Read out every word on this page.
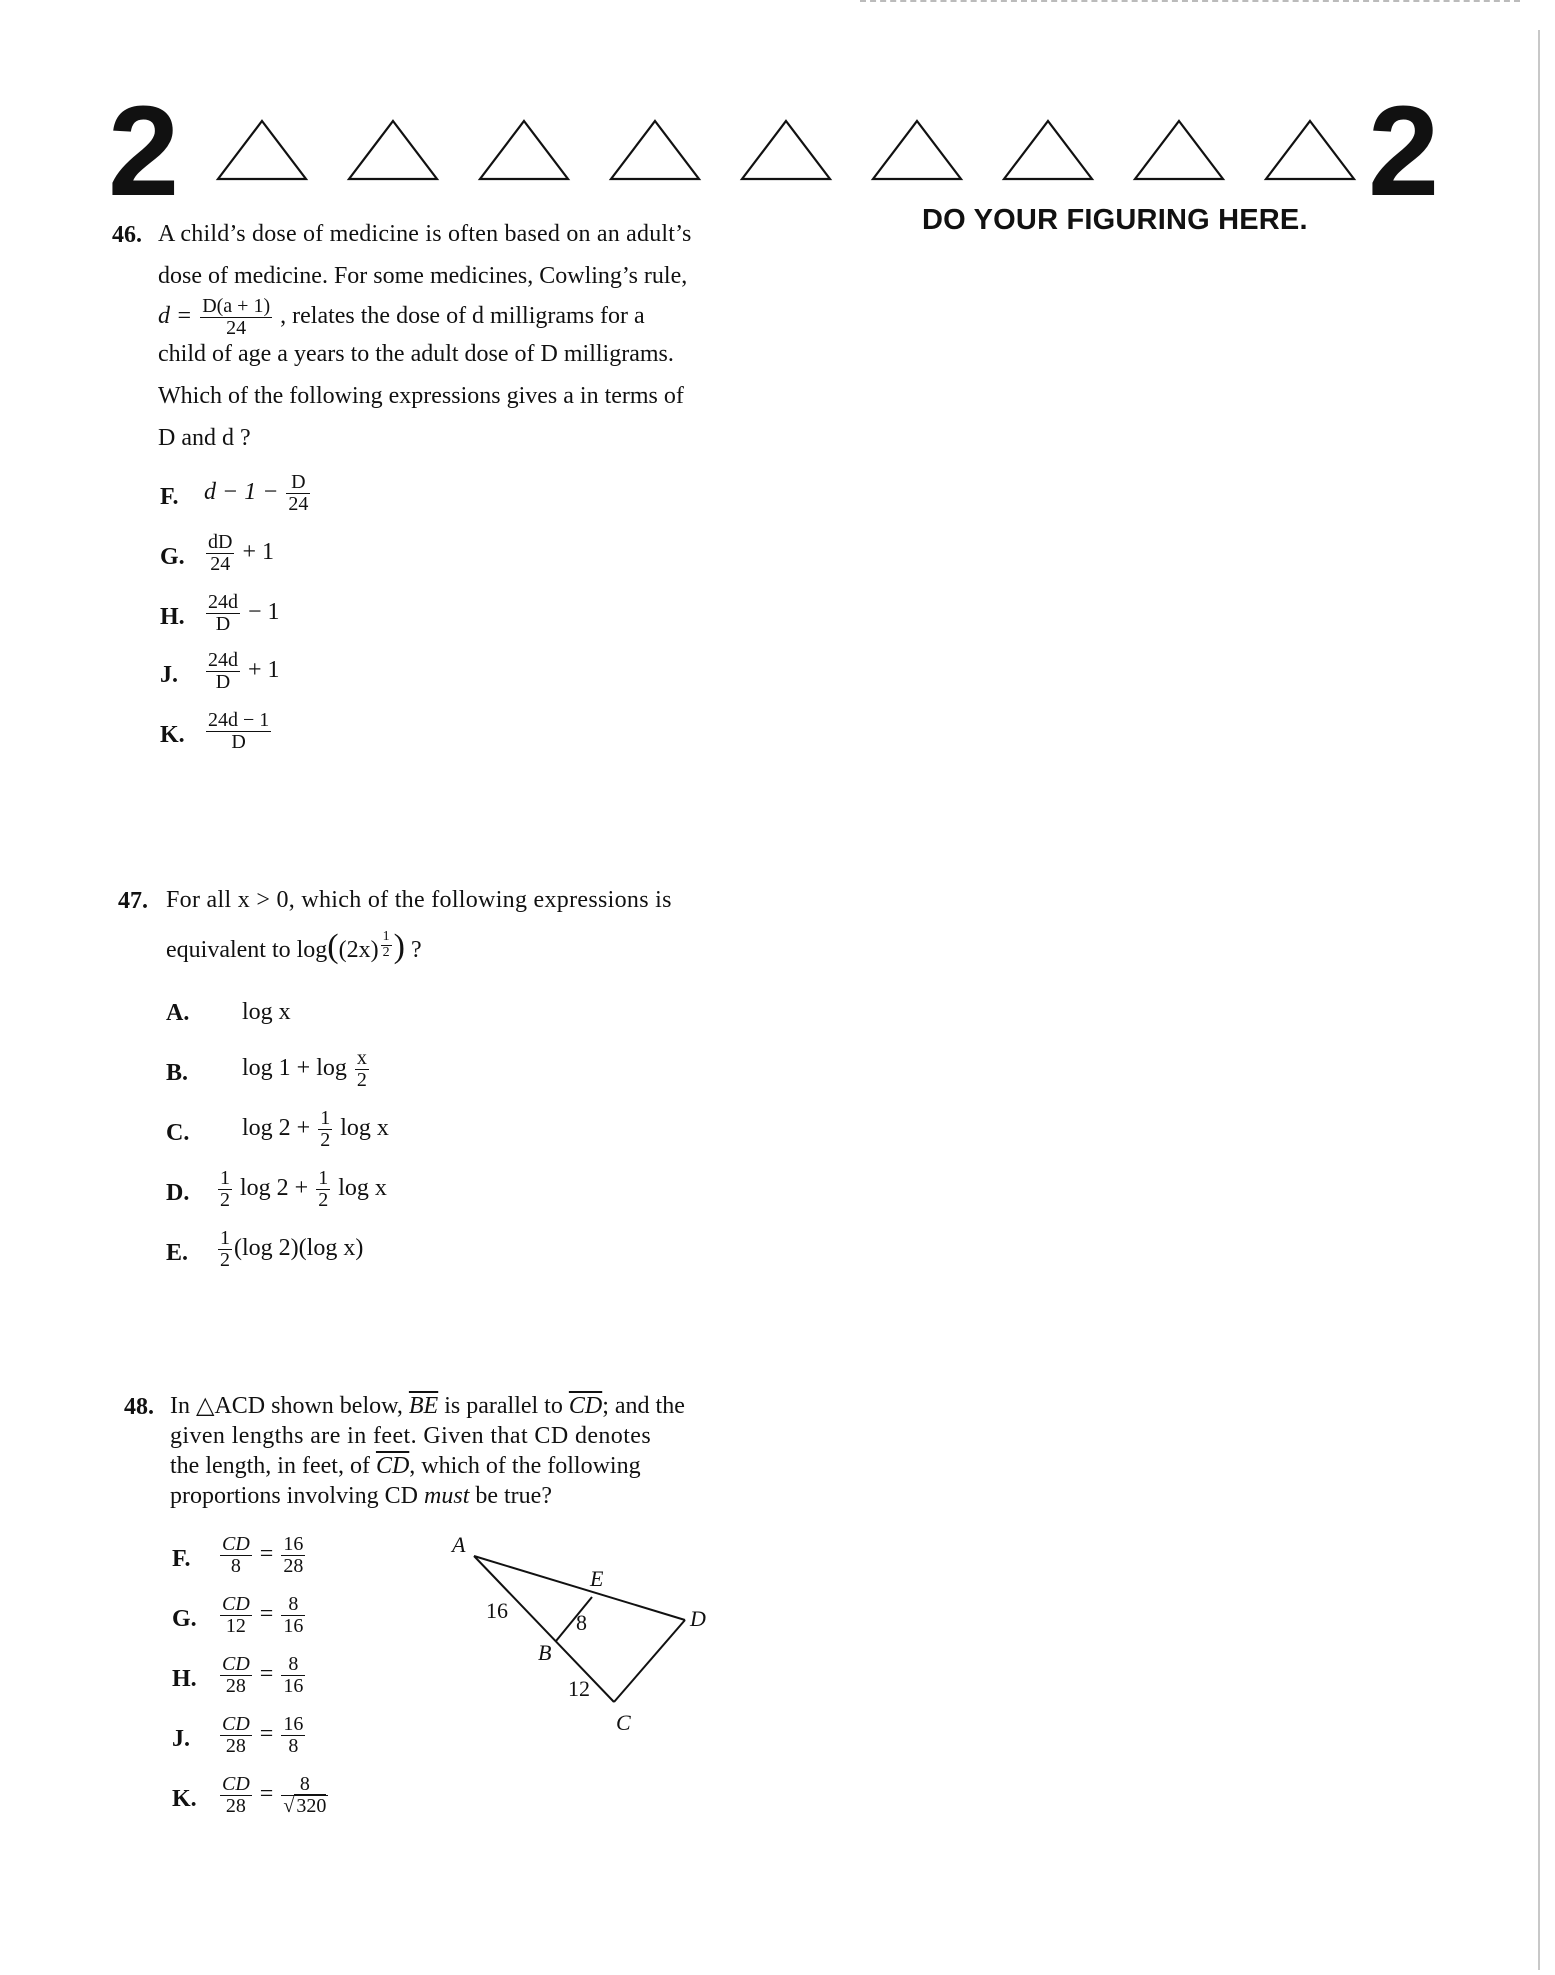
2	2
DO YOUR FIGURING HERE.
46. A child’s dose of medicine is often based on an adult’s
dose of medicine. For some medicines, Cowling’s rule,
$d = \frac{D(a + 1)}{24}$ , relates the dose of d milligrams for a
child of age a years to the adult dose of D milligrams.
Which of the following expressions gives a in terms of
D and d ?
F. $d - 1 - \frac{D}{24}$
G. $\frac{dD}{24} + 1$
H. $\frac{24d}{D} - 1$
J. $\frac{24d}{D} + 1$
K. $\frac{24d - 1}{D}$
47. For all x > 0, which of the following expressions is
equivalent to $\log((2x) \frac{1}{2}$ ) ?
A. log x
B. $\log 1 + \log \frac{x}{2}$
C. $\log 2 + \frac{1}{2}$ log x
D. $\frac{1}{2}$ $\log 2 + \frac{1}{2}$ log x
E. $\frac{1}{2} (\log$ 2)(log x)
48. In △ACD shown below, $\overline{BE}$ is parallel to $\overline{CD}$; and the
given lengths are in feet. Given that CD denotes
the length, in feet, of $\overline{CD}$, which of the following
proportions involving CD must be true?
F. $\frac{CD}{8} = \frac{16}{28}$
G. $\frac{CD}{12} = \frac{8}{16}$
H. $\frac{CD}{28} = \frac{8}{16}$
J. $\frac{CD}{28} = \frac{16}{8}$
K. $\frac{CD}{28} = \frac{8}{√ 320}$
A
E
D
B
C
16	8
12
